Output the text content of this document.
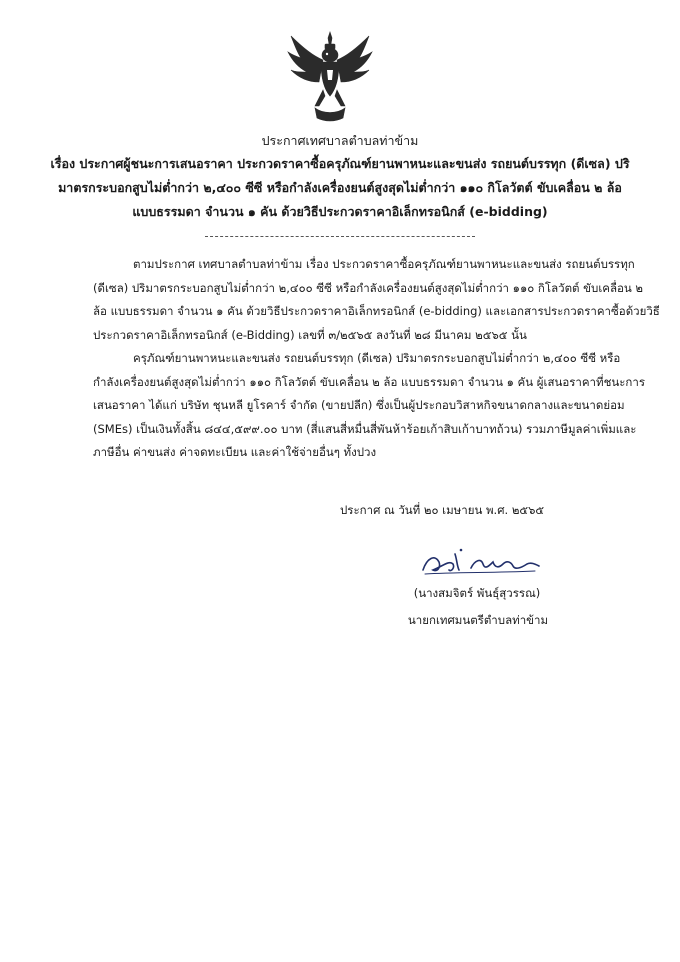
ประกาศเทศบาลตำบลท่าข้าม
เรื่อง ประกาศผู้ชนะการเสนอราคา ประกวดราคาซื้อครุภัณฑ์ยานพาหนะและขนส่ง รถยนต์บรรทุก (ดีเซล) ปริ
มาตรกระบอกสูบไม่ต่ำกว่า ๒,๔๐๐ ซีซี หรือกำลังเครื่องยนต์สูงสุดไม่ต่ำกว่า ๑๑๐ กิโลวัตต์ ขับเคลื่อน ๒ ล้อ
แบบธรรมดา จำนวน ๑ คัน ด้วยวิธีประกวดราคาอิเล็กทรอนิกส์ (e-bidding)
ตามประกาศ เทศบาลตำบลท่าข้าม เรื่อง ประกวดราคาซื้อครุภัณฑ์ยานพาหนะและขนส่ง รถยนต์บรรทุก
(ดีเซล) ปริมาตรกระบอกสูบไม่ต่ำกว่า ๒,๔๐๐ ซีซี หรือกำลังเครื่องยนต์สูงสุดไม่ต่ำกว่า ๑๑๐ กิโลวัตต์ ขับเคลื่อน ๒
ล้อ แบบธรรมดา จำนวน ๑ คัน ด้วยวิธีประกวดราคาอิเล็กทรอนิกส์ (e-bidding) และเอกสารประกวดราคาซื้อด้วยวิธี
ประกวดราคาอิเล็กทรอนิกส์ (e-Bidding) เลขที่ ๓/๒๕๖๕ ลงวันที่ ๒๘ มีนาคม ๒๕๖๕ นั้น
ครุภัณฑ์ยานพาหนะและขนส่ง รถยนต์บรรทุก (ดีเซล) ปริมาตรกระบอกสูบไม่ต่ำกว่า ๒,๔๐๐ ซีซี หรือ
กำลังเครื่องยนต์สูงสุดไม่ต่ำกว่า ๑๑๐ กิโลวัตต์ ขับเคลื่อน ๒ ล้อ แบบธรรมดา จำนวน ๑ คัน ผู้เสนอราคาที่ชนะการ
เสนอราคา ได้แก่ บริษัท ชุนหลี ยูโรคาร์ จำกัด (ขายปลีก) ซึ่งเป็นผู้ประกอบวิสาหกิจขนาดกลางและขนาดย่อม
(SMEs) เป็นเงินทั้งสิ้น ๘๔๔,๕๙๙.๐๐ บาท (สี่แสนสี่หมื่นสี่พันห้าร้อยเก้าสิบเก้าบาทถ้วน) รวมภาษีมูลค่าเพิ่มและ
ภาษีอื่น ค่าขนส่ง ค่าจดทะเบียน และค่าใช้จ่ายอื่นๆ ทั้งปวง
ประกาศ ณ วันที่ ๒๐ เมษายน พ.ศ. ๒๕๖๕
(นางสมจิตร์ พันธุ์สุวรรณ)
นายกเทศมนตรีตำบลท่าข้าม
